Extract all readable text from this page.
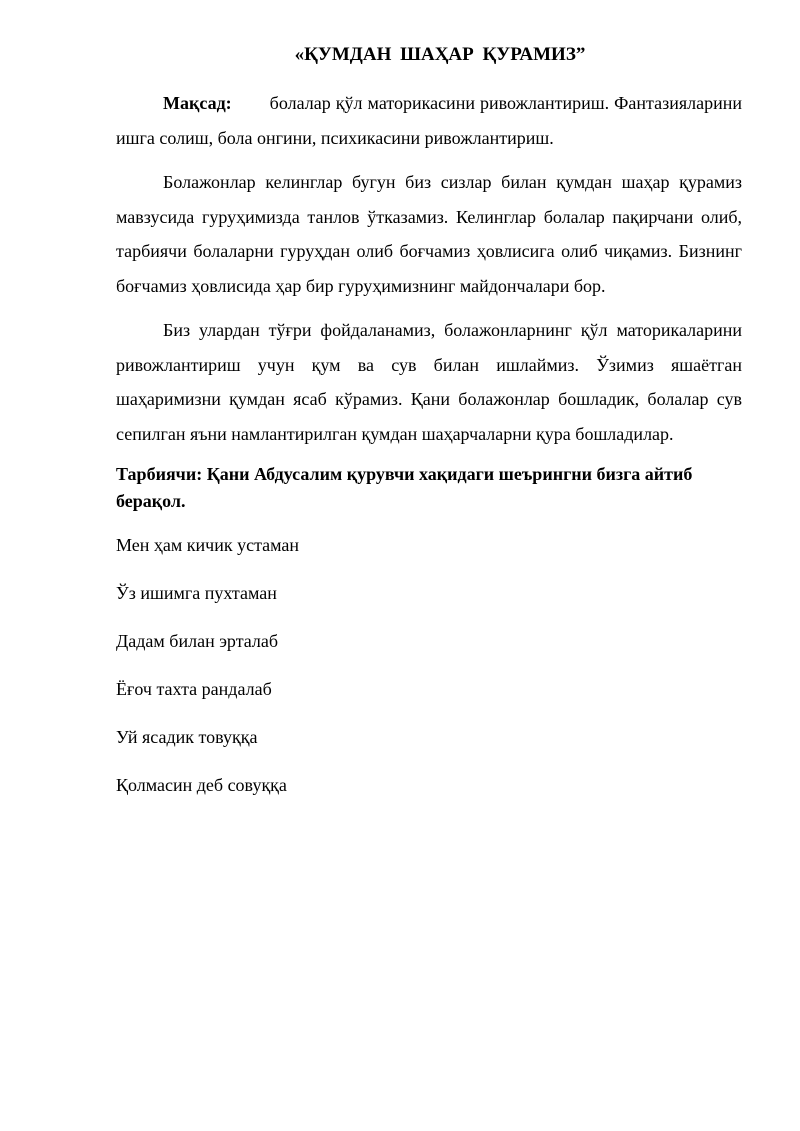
«ҚУМДАН ШАҲАР ҚУРАМИЗ”

Мақсад: болалар қўл маторикасини ривожлантириш. Фантазияларини ишга солиш, бола онгини, психикасини ривожлантириш.

Болажонлар келинглар бугун биз сизлар билан қумдан шаҳар қурамиз мавзусида гуруҳимизда танлов ўтказамиз. Келинглар болалар пақирчани олиб, тарбиячи болаларни гуруҳдан олиб боғчамиз ҳовлисига олиб чиқамиз. Бизнинг боғчамиз ҳовлисида ҳар бир гуруҳимизнинг майдончалари бор.

Биз улардан тўғри фойдаланамиз, болажонларнинг қўл маторикаларини ривожлантириш учун қум ва сув билан ишлаймиз. Ўзимиз яшаётган шаҳаримизни қумдан ясаб кўрамиз. Қани болажонлар бошладик, болалар сув сепилган яъни намлантирилган қумдан шаҳарчаларни қура бошладилар.

Тарбиячи: Қани Абдусалим қурувчи хақидаги шеърингни бизга айтиб берақол.

Мен ҳам кичик устаман
Ўз ишимга пухтаман
Дадам билан эрталаб
Ёғоч тахта рандалаб
Уй ясадик товуққа
Қолмасин деб совуққа
